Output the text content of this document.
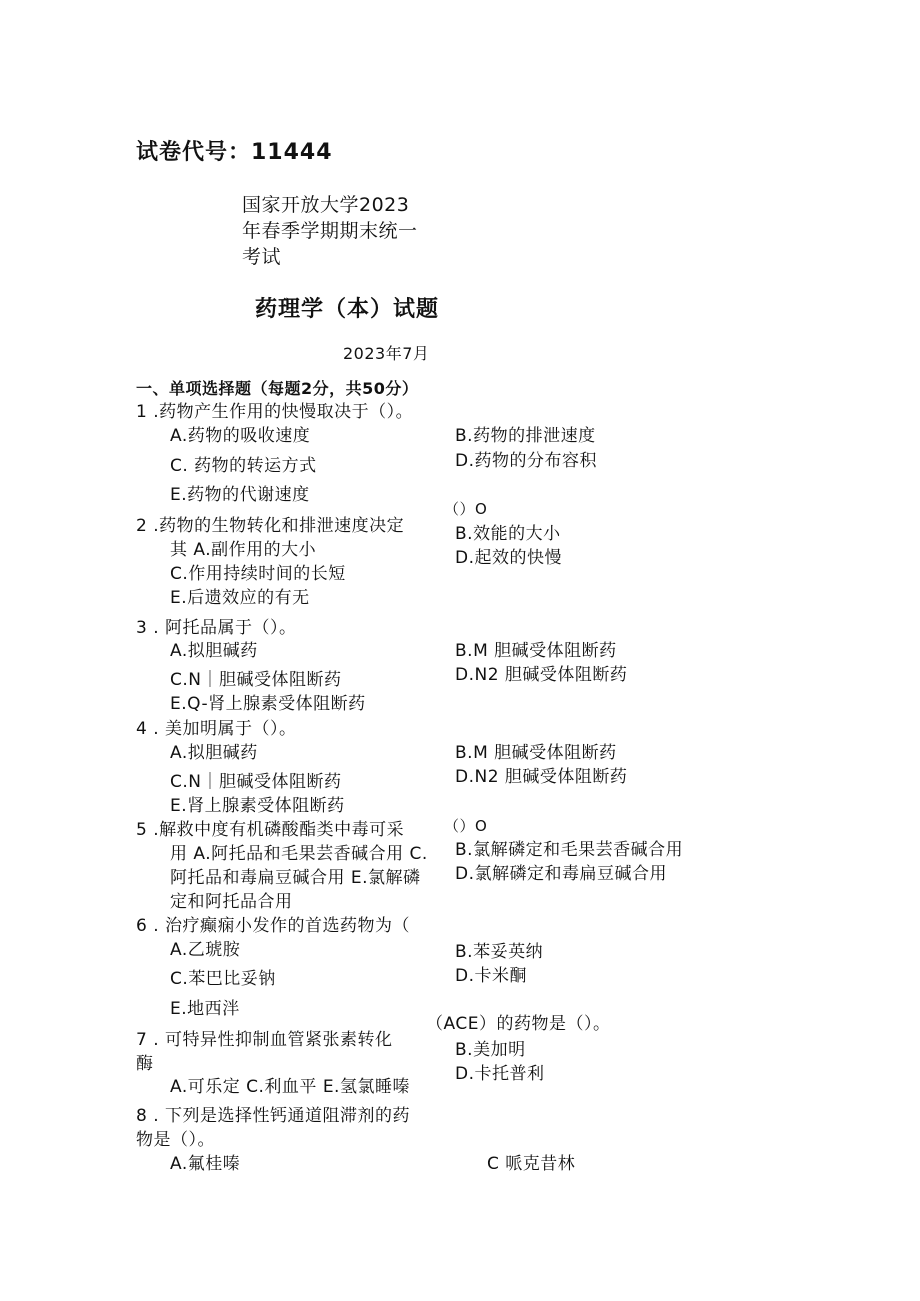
试卷代号：11444
国家开放大学2023
年春季学期期末统一
考试
药理学（本）试题
2023年7月
一、单项选择题（每题2分，共50分）
1 .药物产生作用的快慢取决于（）。
A.药物的吸收速度	B.药物的排泄速度
D.药物的分布容积
C. 药物的转运方式
E.药物的代谢速度
（）O
2 .药物的生物转化和排泄速度决定	B.效能的大小
其 A.副作用的大小	D.起效的快慢
C.作用持续时间的长短
E.后遗效应的有无
3 . 阿托品属于（）。
A.拟胆碱药	B.M 胆碱受体阻断药
D.N2 胆碱受体阻断药
C.N｜胆碱受体阻断药
E.Q-肾上腺素受体阻断药
4 . 美加明属于（）。
A.拟胆碱药	B.M 胆碱受体阻断药
D.N2 胆碱受体阻断药
C.N｜胆碱受体阻断药
E.肾上腺素受体阻断药
（）O
5 .解救中度有机磷酸酯类中毒可采
B.氯解磷定和毛果芸香碱合用
用 A.阿托品和毛果芸香碱合用 C.
D.氯解磷定和毒扁豆碱合用
阿托品和毒扁豆碱合用 E.氯解磷
定和阿托品合用
6 . 治疗癫痫小发作的首选药物为（
A.乙琥胺	B.苯妥英纳
D.卡米酮
C.苯巴比妥钠
E.地西泮
（ACE）的药物是（）。
7 . 可特异性抑制血管紧张素转化	B.美加明
酶	D.卡托普利
A.可乐定 C.利血平 E.氢氯睡嗪
8 . 下列是选择性钙通道阻滞剂的药
物是（）。
A.氟桂嗪	C 哌克昔林
